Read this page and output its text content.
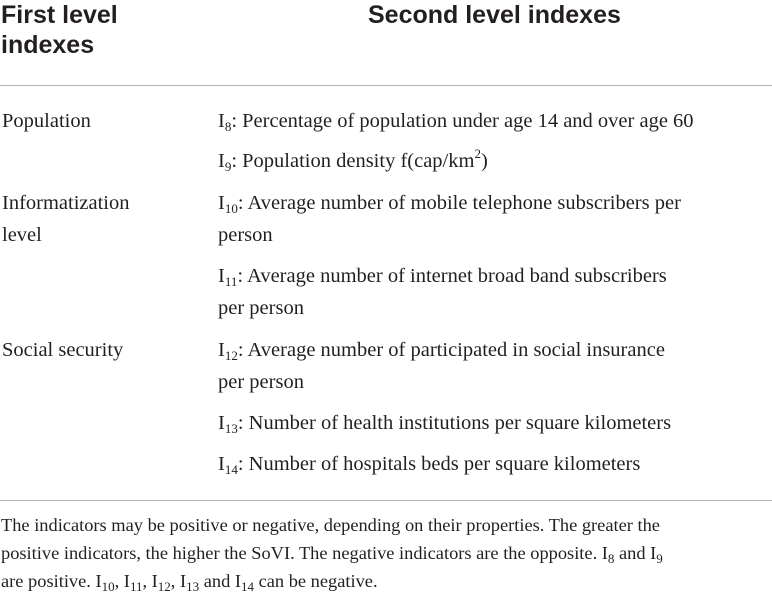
First level
indexes
Second level indexes
Population	$I_8$: Percentage of population under age 14 and over age 60
$I_9$: Population density $f(cap/km^2)$
Informatization
level
$I_{10}$: Average number of mobile telephone subscribers per
person
$I_{11}$: Average number of internet broad band subscribers
per person
Social security	$I_{12}$: Average number of participated in social insurance
per person
$I_{13}$: Number of health institutions per square kilometers
$I_{14}$: Number of hospitals beds per square kilometers
The indicators may be positive or negative, depending on their properties. The greater the
positive indicators, the higher the SoVI. The negative indicators are the opposite. $I_8$ and $I_9$
are positive. $I_{10}$, $I_{11}$, $I_{12}$, $I_{13}$ and $I_{14}$ can be negative.
